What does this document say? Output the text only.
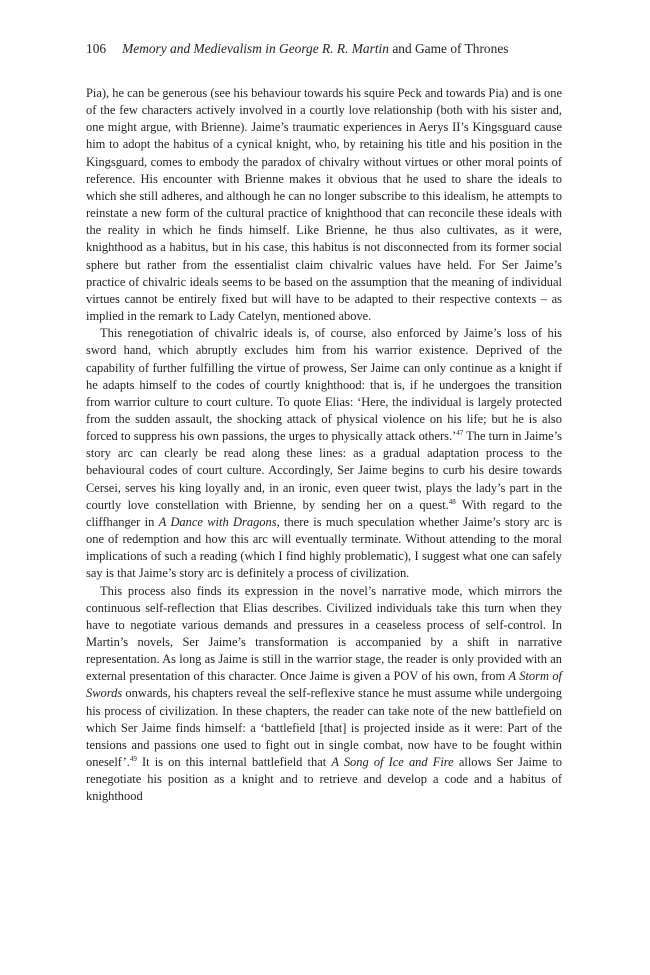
106 Memory and Medievalism in George R. R. Martin and Game of Thrones

Pia), he can be generous (see his behaviour towards his squire Peck and towards Pia) and is one of the few characters actively involved in a courtly love relationship (both with his sister and, one might argue, with Brienne). Jaime’s traumatic experiences in Aerys II’s Kingsguard cause him to adopt the habitus of a cynical knight, who, by retaining his title and his position in the Kingsguard, comes to embody the paradox of chivalry without virtues or other moral points of reference. His encounter with Brienne makes it obvious that he used to share the ideals to which she still adheres, and although he can no longer subscribe to this idealism, he attempts to reinstate a new form of the cultural practice of knighthood that can reconcile these ideals with the reality in which he finds himself. Like Brienne, he thus also cultivates, as it were, knighthood as a habitus, but in his case, this habitus is not disconnected from its former social sphere but rather from the essentialist claim chivalric values have held. For Ser Jaime’s practice of chivalric ideals seems to be based on the assumption that the meaning of individual virtues cannot be entirely fixed but will have to be adapted to their respective contexts – as implied in the remark to Lady Catelyn, mentioned above.

This renegotiation of chivalric ideals is, of course, also enforced by Jaime’s loss of his sword hand, which abruptly excludes him from his warrior existence. Deprived of the capability of further fulfilling the virtue of prowess, Ser Jaime can only continue as a knight if he adapts himself to the codes of courtly knighthood: that is, if he undergoes the transition from warrior culture to court culture. To quote Elias: ‘Here, the individual is largely protected from the sudden assault, the shocking attack of physical violence on his life; but he is also forced to suppress his own passions, the urges to physically attack others.’$^{47}$ The turn in Jaime’s story arc can clearly be read along these lines: as a gradual adaptation process to the behavioural codes of court culture. Accordingly, Ser Jaime begins to curb his desire towards Cersei, serves his king loyally and, in an ironic, even queer twist, plays the lady’s part in the courtly love constellation with Brienne, by sending her on a quest.$^{48}$ With regard to the cliffhanger in A Dance with Dragons, there is much speculation whether Jaime’s story arc is one of redemption and how this arc will eventually terminate. Without attending to the moral implications of such a reading (which I find highly problematic), I suggest what one can safely say is that Jaime’s story arc is definitely a process of civilization.

This process also finds its expression in the novel’s narrative mode, which mirrors the continuous self-reflection that Elias describes. Civilized individuals take this turn when they have to negotiate various demands and pressures in a ceaseless process of self-control. In Martin’s novels, Ser Jaime’s transformation is accompanied by a shift in narrative representation. As long as Jaime is still in the warrior stage, the reader is only provided with an external presentation of this character. Once Jaime is given a POV of his own, from A Storm of Swords onwards, his chapters reveal the self-reflexive stance he must assume while undergoing his process of civilization. In these chapters, the reader can take note of the new battlefield on which Ser Jaime finds himself: a ‘battlefield [that] is projected inside as it were: Part of the tensions and passions one used to fight out in single combat, now have to be fought within oneself’.$^{49}$ It is on this internal battlefield that A Song of Ice and Fire allows Ser Jaime to renegotiate his position as a knight and to retrieve and develop a code and a habitus of knighthood
